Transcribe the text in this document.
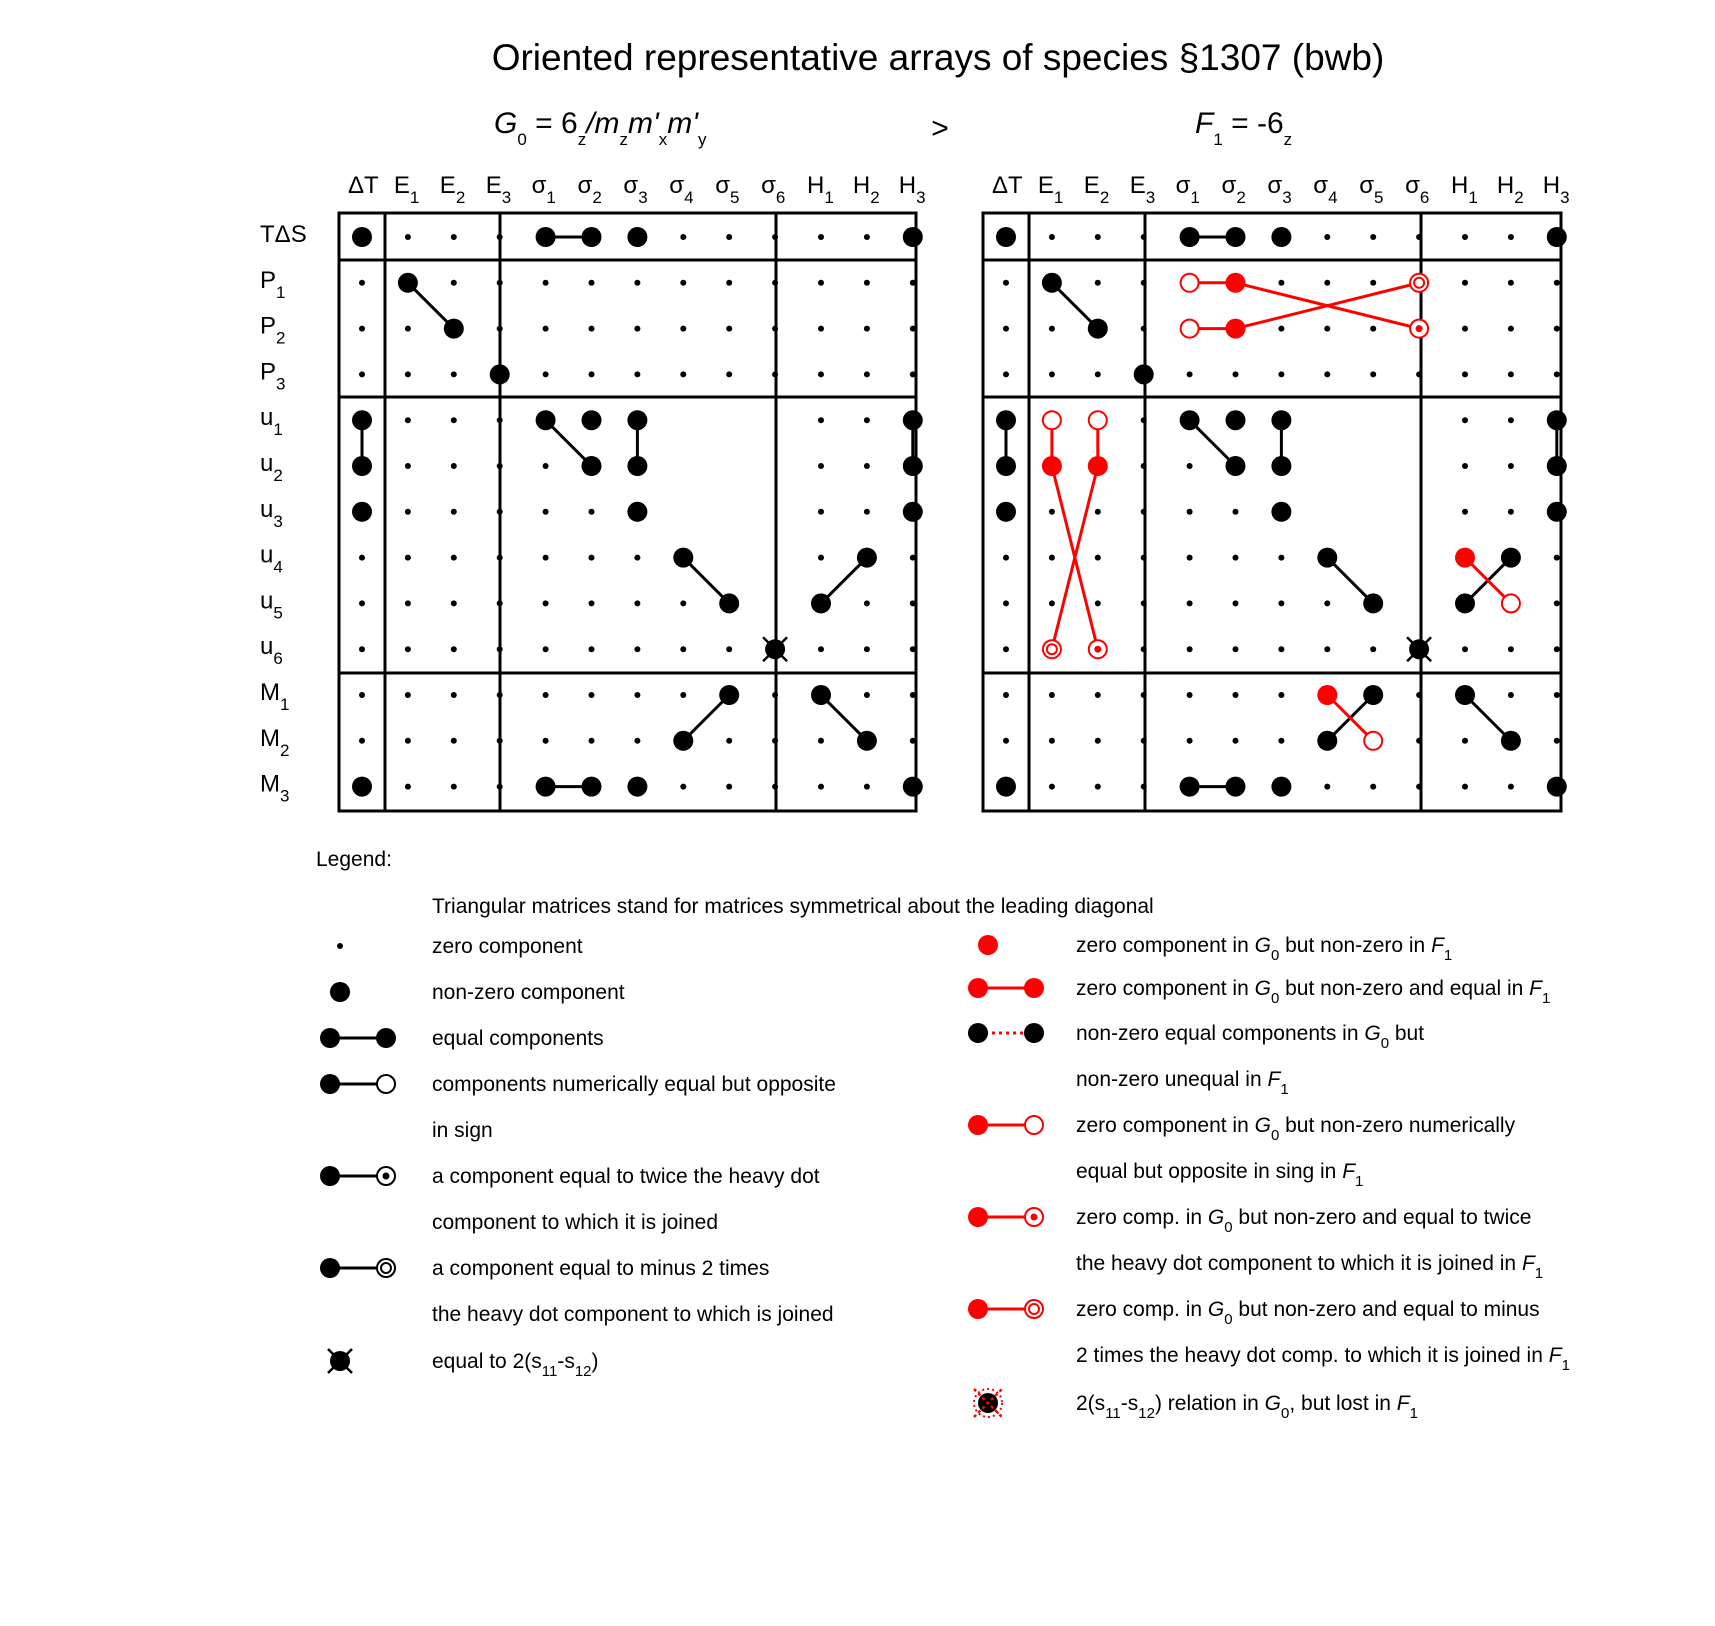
Oriented representative arrays of species §1307 (bwb)
$G_0 = 6_z/m_zm'_xm'_y$	>	$F_1 = -6_z$
ΔT $E_1$ $E_2$ $E_3$ $\sigma_1$ $\sigma_2$ $\sigma_3$ $\sigma_4$ $\sigma_5$ $\sigma_6$ $H_1$ $H_2$ $H_3$
TΔS
$P_1$
$P_2$
$P_3$
$u_1$
$u_2$
$u_3$
$u_4$
$u_5$
$u_6$
$M_1$
$M_2$
$M_3$
ΔT $E_1$ $E_2$ $E_3$ $\sigma_1$ $\sigma_2$ $\sigma_3$ $\sigma_4$ $\sigma_5$ $\sigma_6$ $H_1$ $H_2$ $H_3$
Legend:
Triangular matrices stand for matrices symmetrical about the leading diagonal
zero component
non-zero component
equal components
components numerically equal but opposite
in sign
a component equal to twice the heavy dot
component to which it is joined
a component equal to minus 2 times
the heavy dot component to which is joined
equal to $2(s_{11}-s_{12})$
zero component in $G_0$ but non-zero in $F_1$
zero component in $G_0$ but non-zero and equal in $F_1$
non-zero equal components in $G_0$ but
non-zero unequal in $F_1$
zero component in $G_0$ but non-zero numerically
equal but opposite in sing in $F_1$
zero comp. in $G_0$ but non-zero and equal to twice
the heavy dot component to which it is joined in $F_1$
zero comp. in $G_0$ but non-zero and equal to minus
2 times the heavy dot comp. to which it is joined in $F_1$
$2(s_{11}-s_{12})$ relation in $G_0$, but lost in $F_1$
